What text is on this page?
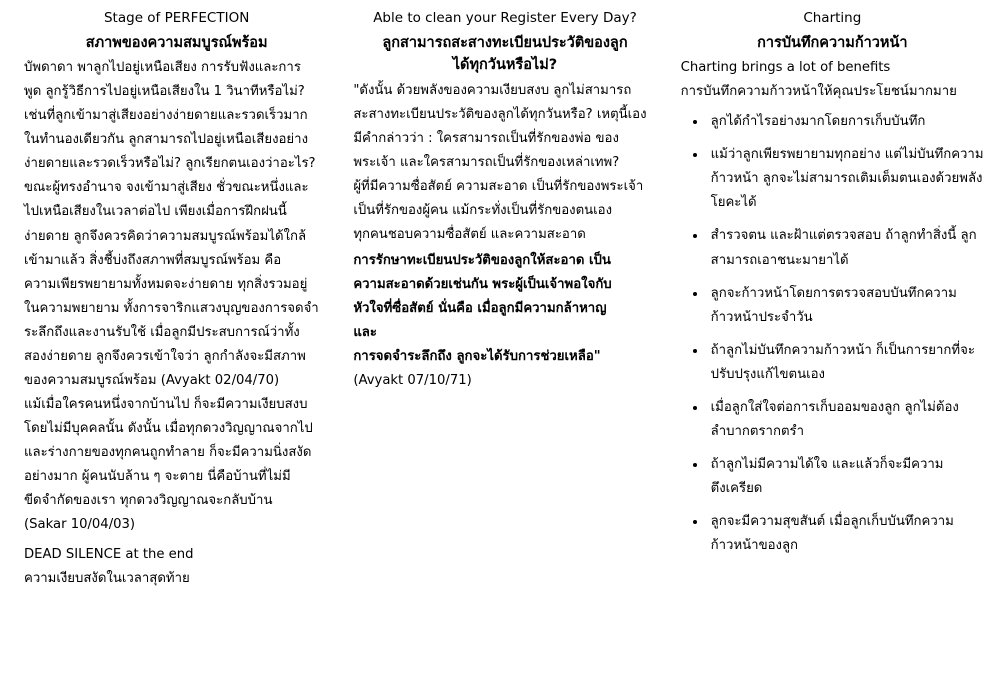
Stage of PERFECTION
สภาพของความสมบูรณ์พร้อม

บัพดาดา พาลูกไปอยู่เหนือเสียง การรับฟังและการ

พูด ลูกรู้วิธีการไปอยู่เหนือเสียงใน 1 วินาทีหรือไม่?

เช่นที่ลูกเข้ามาสู่เสียงอย่างง่ายดายและรวดเร็วมาก

ในทำนองเดียวกัน ลูกสามารถไปอยู่เหนือเสียงอย่าง

ง่ายดายและรวดเร็วหรือไม่? ลูกเรียกตนเองว่าอะไร?

ขณะผู้ทรงอำนาจ จงเข้ามาสู่เสียง ชั่วขณะหนึ่งและ

ไปเหนือเสียงในเวลาต่อไป เพียงเมื่อการฝึกฝนนี้

ง่ายดาย ลูกจึงควรคิดว่าความสมบูรณ์พร้อมได้ใกล้

เข้ามาแล้ว สิ่งชี้บ่งถึงสภาพที่สมบูรณ์พร้อม คือ

ความเพียรพยายามทั้งหมดจะง่ายดาย ทุกสิ่งรวมอยู่

ในความพยายาม ทั้งการจาริกแสวงบุญของการจดจำ

ระลึกถึงและงานรับใช้ เมื่อลูกมีประสบการณ์ว่าทั้ง

สองง่ายดาย ลูกจึงควรเข้าใจว่า ลูกกำลังจะมีสภาพ

ของความสมบูรณ์พร้อม (Avyakt 02/04/70)

แม้เมื่อใครคนหนึ่งจากบ้านไป ก็จะมีความเงียบสงบ

โดยไม่มีบุคคลนั้น ดังนั้น เมื่อทุกดวงวิญญาณจากไป

และร่างกายของทุกคนถูกทำลาย ก็จะมีความนิ่งสงัด

อย่างมาก ผู้คนนับล้าน ๆ จะตาย นี่คือบ้านที่ไม่มี

ขีดจำกัดของเรา ทุกดวงวิญญาณจะกลับบ้าน

(Sakar 10/04/03)

DEAD SILENCE at the end

ความเงียบสงัดในเวลาสุดท้าย

Able to clean your Register Every Day?
ลูกสามารถสะสางทะเบียนประวัติของลูก
ได้ทุกวันหรือไม่?

"ดังนั้น ด้วยพลังของความเงียบสงบ ลูกไม่สามารถ

สะสางทะเบียนประวัติของลูกได้ทุกวันหรือ? เหตุนี้เอง

มีคำกล่าวว่า : ใครสามารถเป็นที่รักของพ่อ ของ

พระเจ้า และใครสามารถเป็นที่รักของเหล่าเทพ?

ผู้ที่มีความซื่อสัตย์ ความสะอาด เป็นที่รักของพระเจ้า

เป็นที่รักของผู้คน แม้กระทั่งเป็นที่รักของตนเอง

ทุกคนชอบความซื่อสัตย์ และความสะอาด

การรักษาทะเบียนประวัติของลูกให้สะอาด เป็น

ความสะอาดด้วยเช่นกัน พระผู้เป็นเจ้าพอใจกับ

หัวใจที่ซื่อสัตย์ นั่นคือ เมื่อลูกมีความกล้าหาญ

และ

การจดจำระลึกถึง ลูกจะได้รับการช่วยเหลือ"

(Avyakt 07/10/71)

Charting
การบันทึกความก้าวหน้า

Charting brings a lot of benefits

การบันทึกความก้าวหน้าให้คุณประโยชน์มากมาย

• ลูกได้กำไรอย่างมากโดยการเก็บบันทึก
• แม้ว่าลูกเพียรพยายามทุกอย่าง แต่ไม่บันทึกความก้าวหน้า ลูกจะไม่สามารถเติมเต็มตนเองด้วยพลังโยคะได้
• สำรวจตน และฝ้าแต่ตรวจสอบ ถ้าลูกทำสิ่งนี้ ลูกสามารถเอาชนะมายาได้
• ลูกจะก้าวหน้าโดยการตรวจสอบบันทึกความก้าวหน้าประจำวัน
• ถ้าลูกไม่บันทึกความก้าวหน้า ก็เป็นการยากที่จะปรับปรุงแก้ไขตนเอง
• เมื่อลูกใส่ใจต่อการเก็บออมของลูก ลูกไม่ต้องลำบากตรากตรำ
• ถ้าลูกไม่มีความได้ใจ และแล้วก็จะมีความตึงเครียด
• ลูกจะมีความสุขสันต์ เมื่อลูกเก็บบันทึกความก้าวหน้าของลูก
